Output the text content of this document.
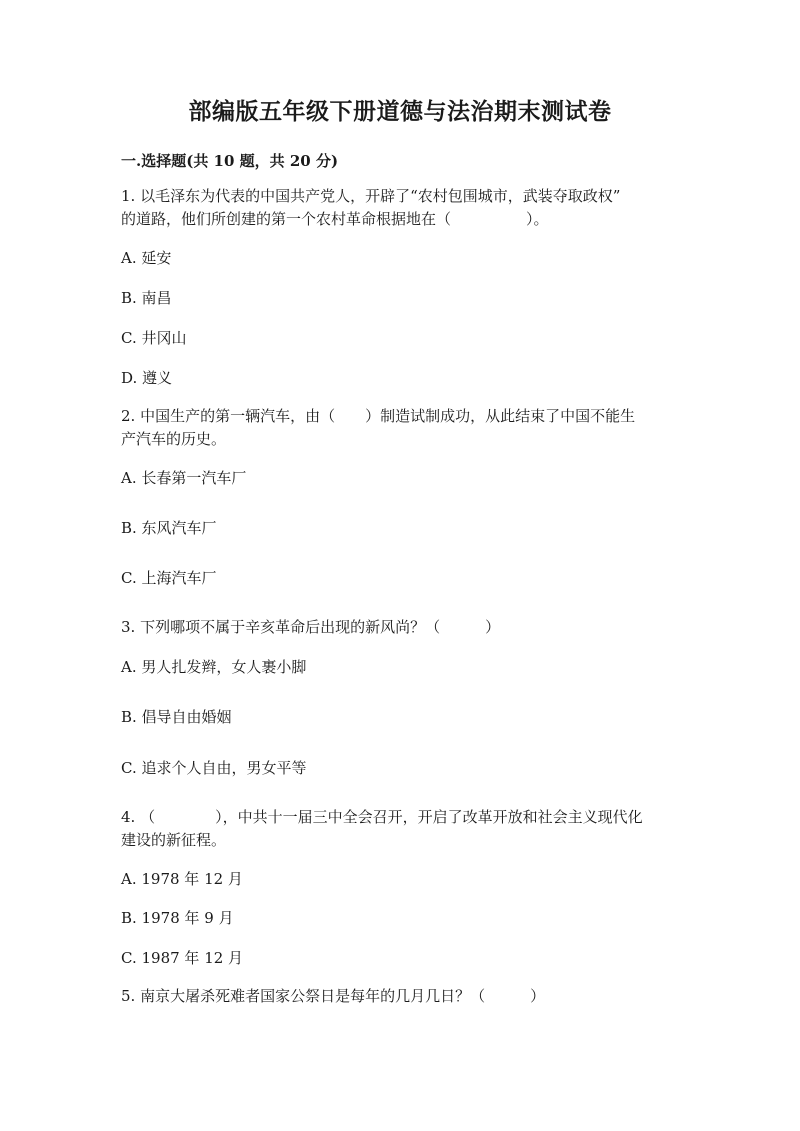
部编版五年级下册道德与法治期末测试卷
一.选择题(共 10 题，共 20 分)
1. 以毛泽东为代表的中国共产党人，开辟了“农村包围城市，武装夺取政权”
的道路，他们所创建的第一个农村革命根据地在（　　　　　）。
A. 延安
B. 南昌
C. 井冈山
D. 遵义
2. 中国生产的第一辆汽车，由（　　）制造试制成功，从此结束了中国不能生
产汽车的历史。
A. 长春第一汽车厂
B. 东风汽车厂
C. 上海汽车厂
3. 下列哪项不属于辛亥革命后出现的新风尚？（　　　）
A. 男人扎发辫，女人裹小脚
B. 倡导自由婚姻
C. 追求个人自由，男女平等
4. （　　　　），中共十一届三中全会召开，开启了改革开放和社会主义现代化
建设的新征程。
A. 1978 年 12 月
B. 1978 年 9 月
C. 1987 年 12 月
5. 南京大屠杀死难者国家公祭日是每年的几月几日？（　　　）
